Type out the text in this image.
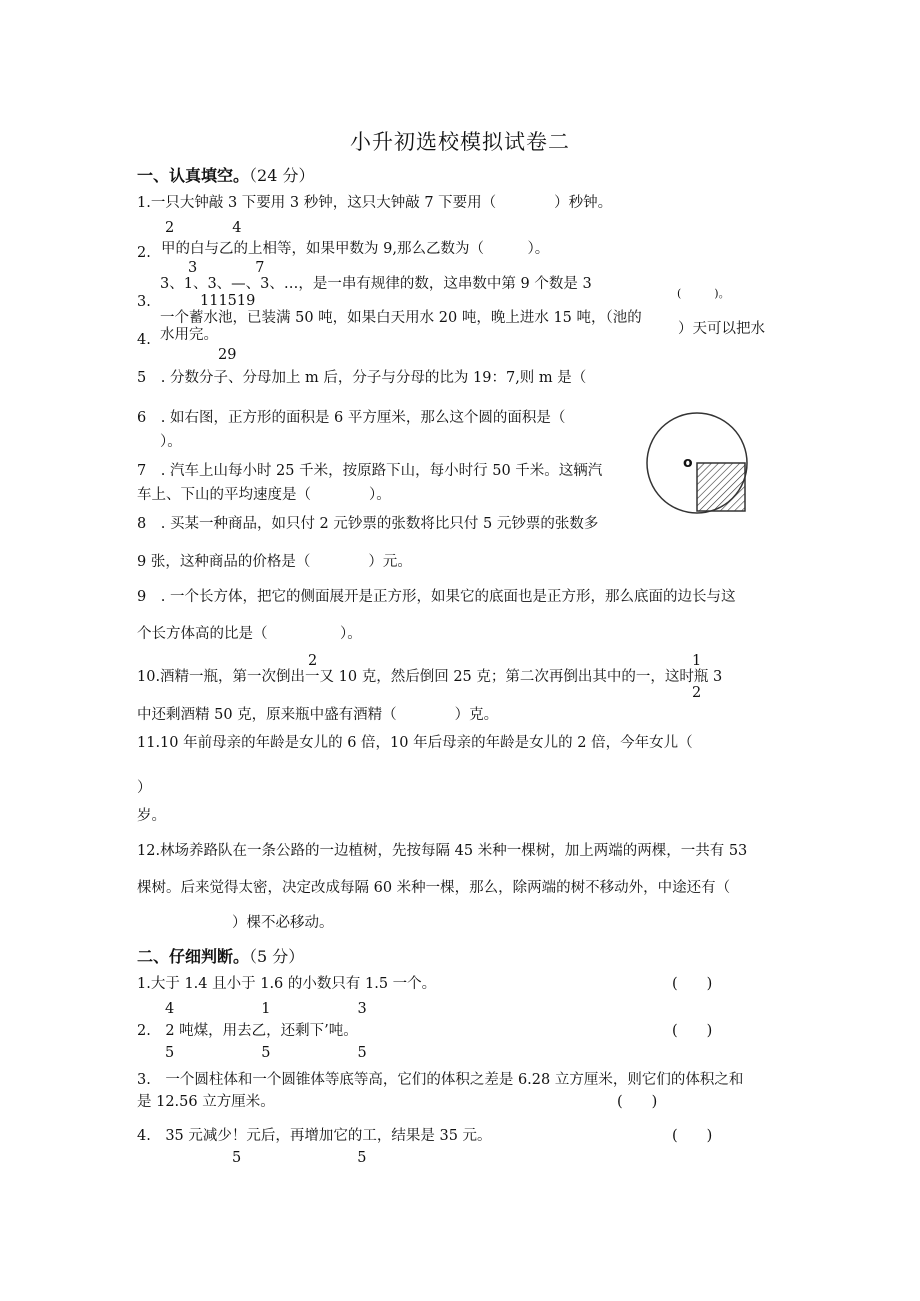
小升初选校模拟试卷二
一、认真填空。（24 分）
1.一只大钟敲 3 下要用 3 秒钟，这只大钟敲 7 下要用（　　　　）秒钟。
2　　　　4
2. 甲的白与乙的上相等，如果甲数为 9,那么乙数为（　　　）。
3　　　　7
3、1、3、—、3、…，是一串有规律的数，这串数中第 9 个数是 3
3.	111519	(　　　)。
一个蓄水池，已装满 50 吨，如果白天用水 20 吨，晚上进水 15 吨，（池的
）天可以把水
4. 水用完。
29
5　. 分数分子、分母加上 m 后，分子与分母的比为 19：7,则 m 是（
6　. 如右图，正方形的面积是 6 平方厘米，那么这个圆的面积是（
）。
7　. 汽车上山每小时 25 千米，按原路下山，每小时行 50 千米。这辆汽
车上、下山的平均速度是（　　　　）。
8　. 买某一种商品，如只付 2 元钞票的张数将比只付 5 元钞票的张数多
9 张，这种商品的价格是（　　　　）元。
9　. 一个长方体，把它的侧面展开是正方形，如果它的底面也是正方形，那么底面的边长与这
个长方体高的比是（　　　　　）。
2
10.酒精一瓶，第一次倒出一又 10 克，然后倒回 25 克；第二次再倒出其中的一，这时瓶 3
1
2
中还剩酒精 50 克，原来瓶中盛有酒精（　　　　）克。
11.10 年前母亲的年龄是女儿的 6 倍，10 年后母亲的年龄是女儿的 2 倍，今年女儿（
）
岁。
12.林场养路队在一条公路的一边植树，先按每隔 45 米种一棵树，加上两端的两棵，一共有 53
棵树。后来觉得太密，决定改成每隔 60 米种一棵，那么，除两端的树不移动外，中途还有（
）棵不必移动。
o
二、仔细判断。（5 分）
1.大于 1.4 且小于 1.6 的小数只有 1.5 一个。	(　　)
4　　　　　　1　　　　　　3
2.　2 吨煤，用去乙，还剩下’吨。	(　　)
5　　　　　　5　　　　　　5
3.　一个圆柱体和一个圆锥体等底等高，它们的体积之差是 6.28 立方厘米，则它们的体积之和
是 12.56 立方厘米。	(　　)
4.　35 元减少！元后，再增加它的工，结果是 35 元。	(　　)
5　　　　　　　　5
